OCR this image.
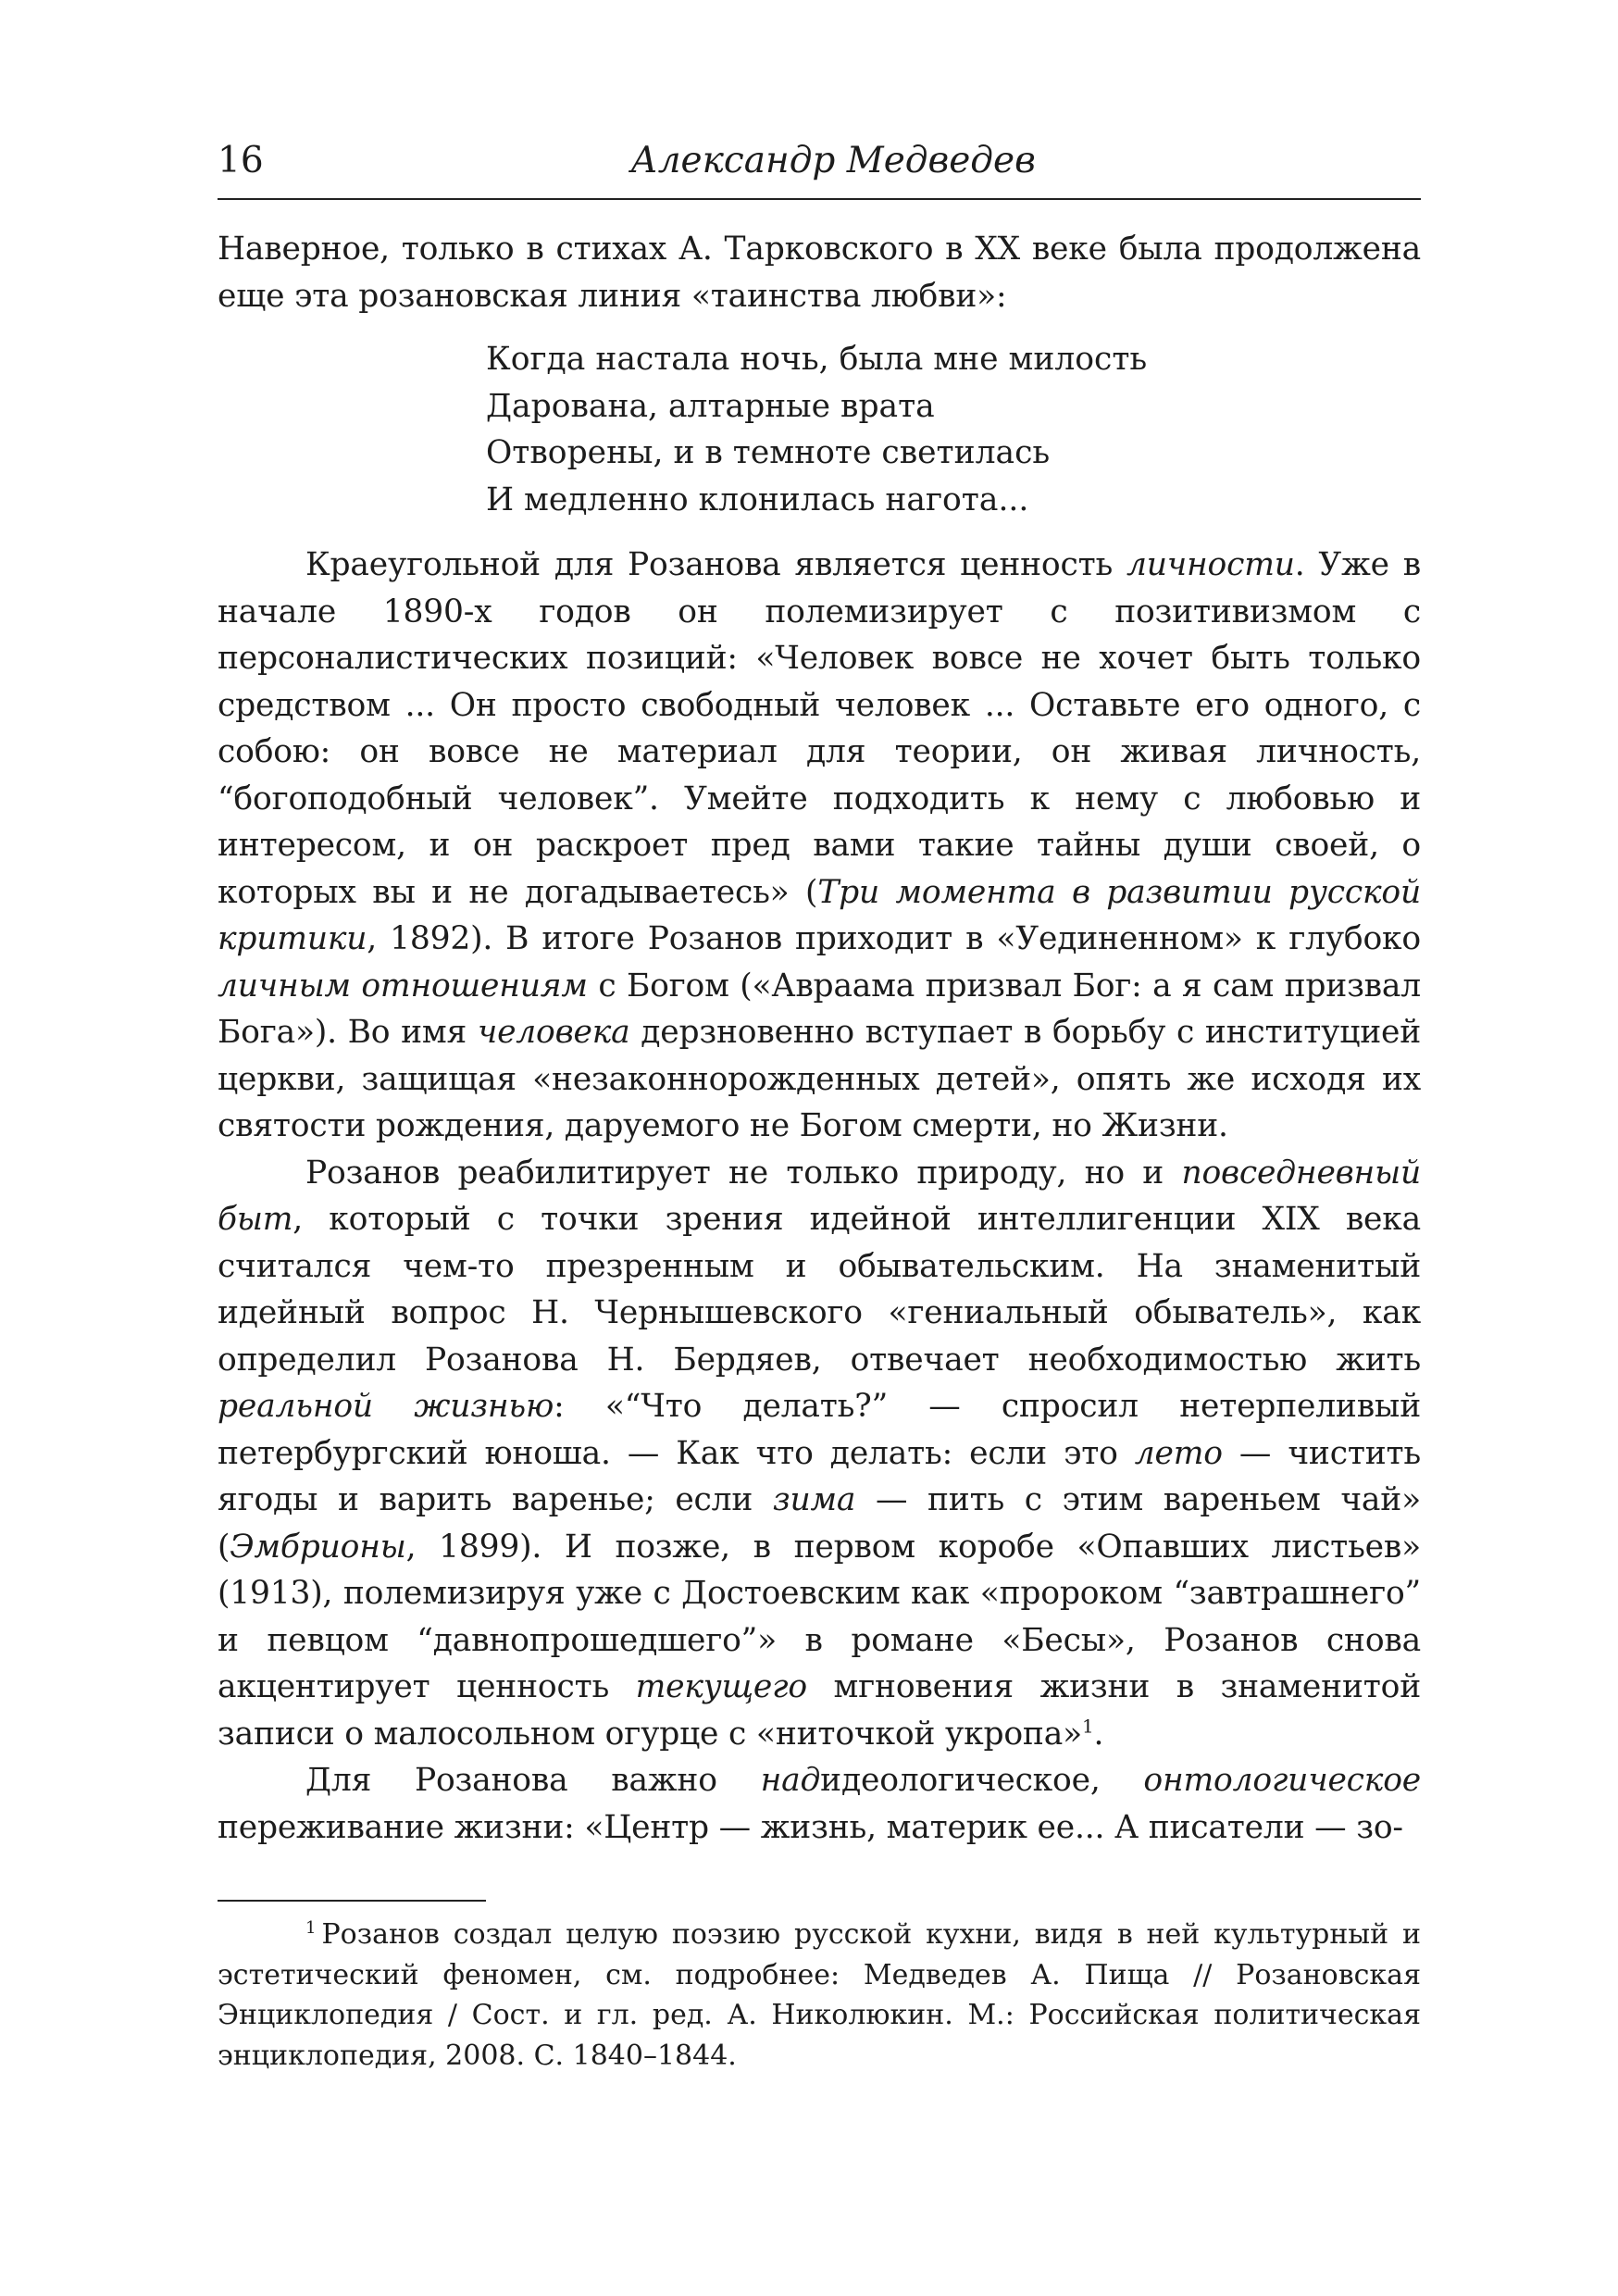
16	Александр Медведев

Наверное, только в стихах А. Тарковского в XX веке была продолжена еще эта розановская линия «таинства любви»:

Когда настала ночь, была мне милость
Дарована, алтарные врата
Отворены, и в темноте светилась
И медленно клонилась нагота...

Краеугольной для Розанова является ценность личности. Уже в начале 1890-х годов он полемизирует с позитивизмом с персоналистических позиций: «Человек вовсе не хочет быть только средством ... Он просто свободный человек ... Оставьте его одного, с собою: он вовсе не материал для теории, он живая личность, “богоподобный человек”. Умейте подходить к нему с любовью и интересом, и он раскроет пред вами такие тайны души своей, о которых вы и не догадываетесь» (Три момента в развитии русской критики, 1892). В итоге Розанов приходит в «Уединенном» к глубоко личным отношениям с Богом («Авраама призвал Бог: а я сам призвал Бога»). Во имя человека дерзновенно вступает в борьбу с институцией церкви, защищая «незаконнорожденных детей», опять же исходя их святости рождения, даруемого не Богом смерти, но Жизни.

Розанов реабилитирует не только природу, но и повседневный быт, который с точки зрения идейной интеллигенции XIX века считался чем-то презренным и обывательским. На знаменитый идейный вопрос Н. Чернышевского «гениальный обыватель», как определил Розанова Н. Бердяев, отвечает необходимостью жить реальной жизнью: «“Что делать?” — спросил нетерпеливый петербургский юноша. — Как что делать: если это лето — чистить ягоды и варить варенье; если зима — пить с этим вареньем чай» (Эмбрионы, 1899). И позже, в первом коробе «Опавших листьев» (1913), полемизируя уже с Достоевским как «пророком “завтрашнего” и певцом “давнопрошедшего”» в романе «Бесы», Розанов снова акцентирует ценность текущего мгновения жизни в знаменитой записи о малосольном огурце с «ниточкой укропа»$^1$.

Для Розанова важно надидеологическое, онтологическое переживание жизни: «Центр — жизнь, материк ее... А писатели — зо-

$^1$ Розанов создал целую поэзию русской кухни, видя в ней культурный и эстетический феномен, см. подробнее: Медведев А. Пища // Розановская Энциклопедия / Сост. и гл. ред. А. Николюкин. М.: Российская политическая энциклопедия, 2008. С. 1840–1844.
